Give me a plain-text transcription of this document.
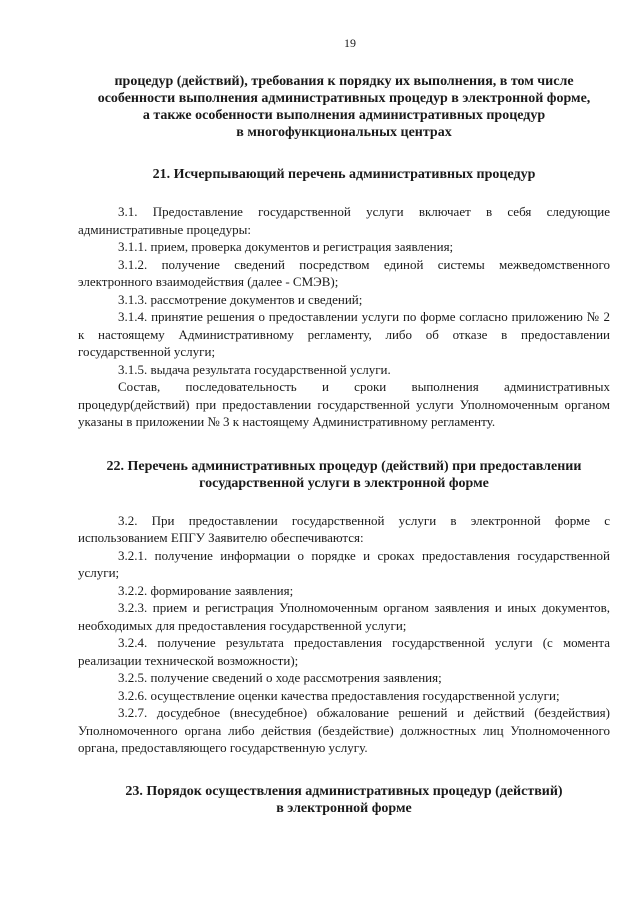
19
процедур (действий), требования к порядку их выполнения, в том числе
особенности выполнения административных процедур в электронной форме,
а также особенности выполнения административных процедур
в многофункциональных центрах
21. Исчерпывающий перечень административных процедур

3.1. Предоставление государственной услуги включает в себя следующие административные процедуры:

3.1.1. прием, проверка документов и регистрация заявления;

3.1.2. получение сведений посредством единой системы межведомственного электронного взаимодействия (далее - СМЭВ);

3.1.3. рассмотрение документов и сведений;

3.1.4. принятие решения о предоставлении услуги по форме согласно приложению № 2 к настоящему Административному регламенту, либо об отказе в предоставлении государственной услуги;

3.1.5. выдача результата государственной услуги.

Состав, последовательность и сроки выполнения административных процедур(действий) при предоставлении государственной услуги Уполномоченным органом указаны в приложении № 3 к настоящему Административному регламенту.

22. Перечень административных процедур (действий) при предоставлении
государственной услуги в электронной форме

3.2. При предоставлении государственной услуги в электронной форме с использованием ЕПГУ Заявителю обеспечиваются:

3.2.1. получение информации о порядке и сроках предоставления государственной услуги;

3.2.2. формирование заявления;

3.2.3. прием и регистрация Уполномоченным органом заявления и иных документов, необходимых для предоставления государственной услуги;

3.2.4. получение результата предоставления государственной услуги (с момента реализации технической возможности);

3.2.5. получение сведений о ходе рассмотрения заявления;

3.2.6. осуществление оценки качества предоставления государственной услуги;

3.2.7. досудебное (внесудебное) обжалование решений и действий (бездействия) Уполномоченного органа либо действия (бездействие) должностных лиц Уполномоченного органа, предоставляющего государственную услугу.

23. Порядок осуществления административных процедур (действий)
в электронной форме
